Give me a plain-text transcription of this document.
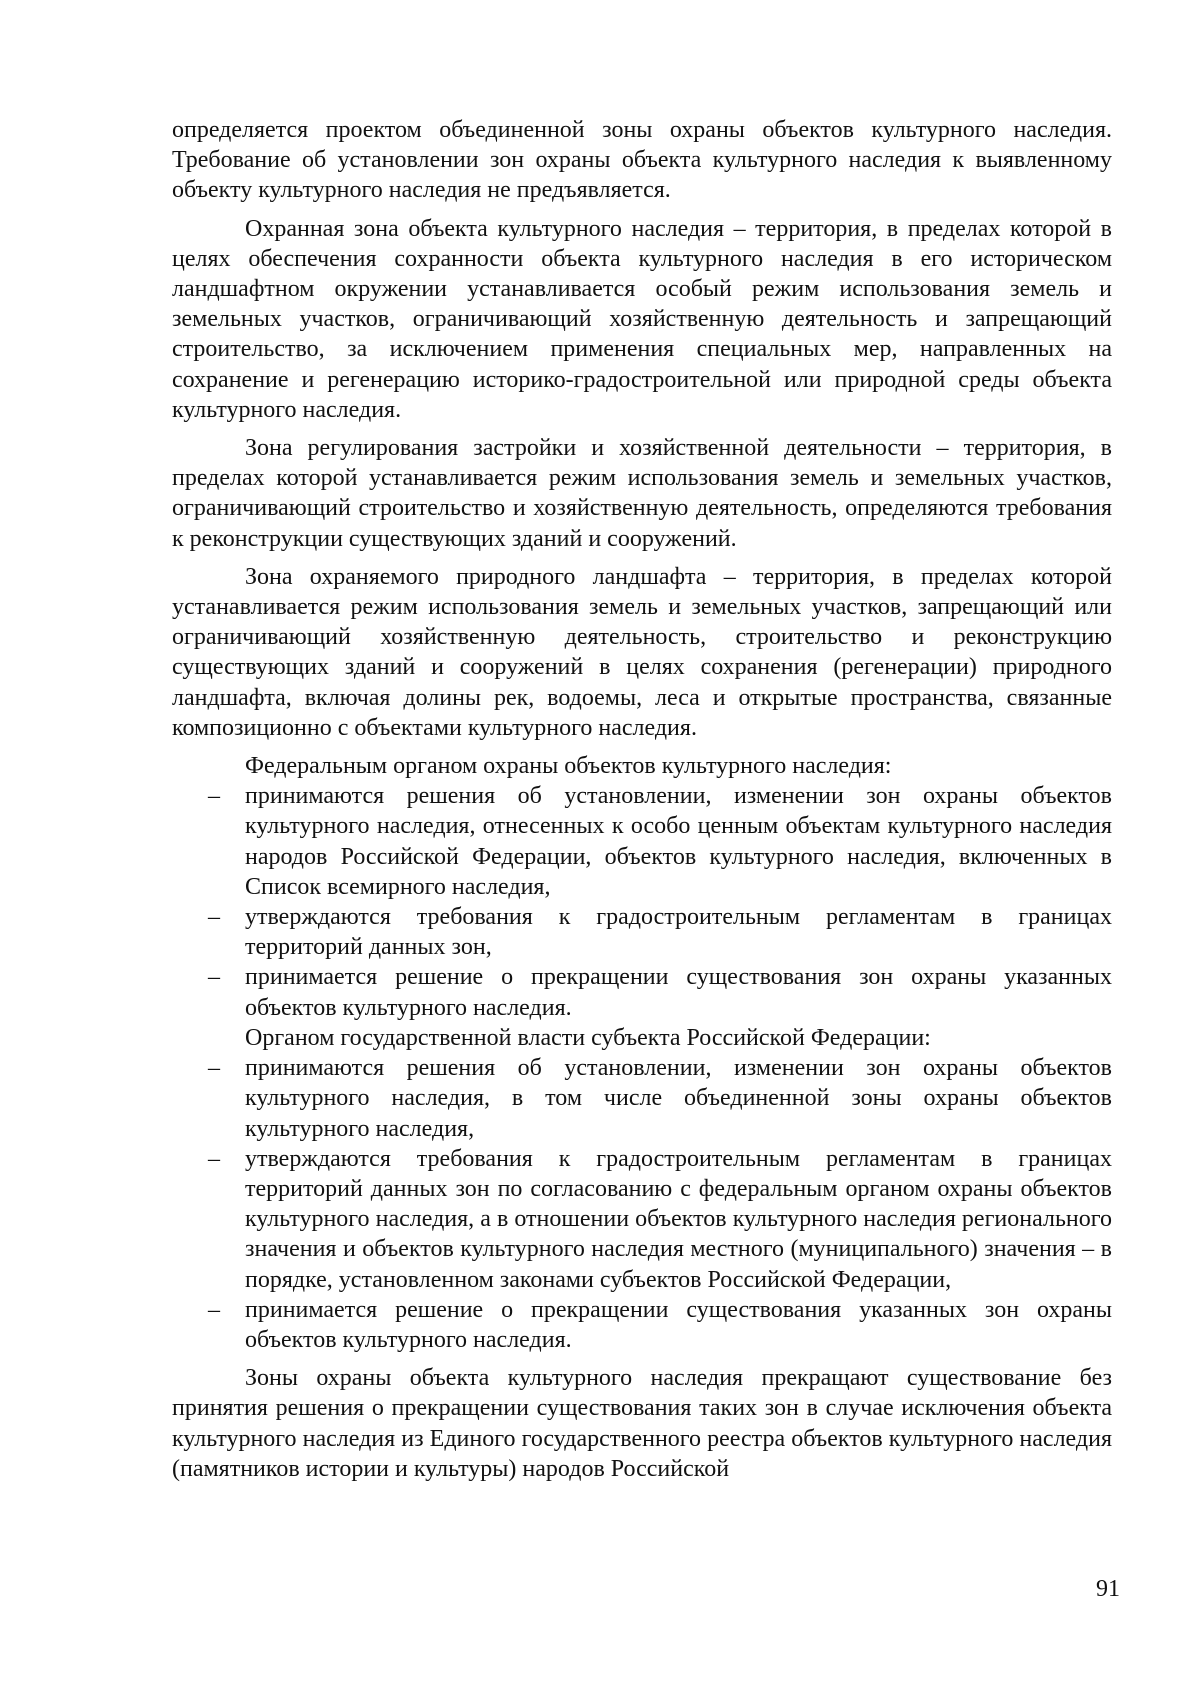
определяется проектом объединенной зоны охраны объектов культурного наследия. Требование об установлении зон охраны объекта культурного наследия к выявленному объекту культурного наследия не предъявляется.

Охранная зона объекта культурного наследия – территория, в пределах которой в целях обеспечения сохранности объекта культурного наследия в его историческом ландшафтном окружении устанавливается особый режим использования земель и земельных участков, ограничивающий хозяйственную деятельность и запрещающий строительство, за исключением применения специальных мер, направленных на сохранение и регенерацию историко-градостроительной или природной среды объекта культурного наследия.

Зона регулирования застройки и хозяйственной деятельности – территория, в пределах которой устанавливается режим использования земель и земельных участков, ограничивающий строительство и хозяйственную деятельность, определяются требования к реконструкции существующих зданий и сооружений.

Зона охраняемого природного ландшафта – территория, в пределах которой устанавливается режим использования земель и земельных участков, запрещающий или ограничивающий хозяйственную деятельность, строительство и реконструкцию существующих зданий и сооружений в целях сохранения (регенерации) природного ландшафта, включая долины рек, водоемы, леса и открытые пространства, связанные композиционно с объектами культурного наследия.

Федеральным органом охраны объектов культурного наследия:

– принимаются решения об установлении, изменении зон охраны объектов культурного наследия, отнесенных к особо ценным объектам культурного наследия народов Российской Федерации, объектов культурного наследия, включенных в Список всемирного наследия,
– утверждаются требования к градостроительным регламентам в границах территорий данных зон,
– принимается решение о прекращении существования зон охраны указанных объектов культурного наследия.

Органом государственной власти субъекта Российской Федерации:

– принимаются решения об установлении, изменении зон охраны объектов культурного наследия, в том числе объединенной зоны охраны объектов культурного наследия,
– утверждаются требования к градостроительным регламентам в границах территорий данных зон по согласованию с федеральным органом охраны объектов культурного наследия, а в отношении объектов культурного наследия регионального значения и объектов культурного наследия местного (муниципального) значения – в порядке, установленном законами субъектов Российской Федерации,
– принимается решение о прекращении существования указанных зон охраны объектов культурного наследия.

Зоны охраны объекта культурного наследия прекращают существование без принятия решения о прекращении существования таких зон в случае исключения объекта культурного наследия из Единого государственного реестра объектов культурного наследия (памятников истории и культуры) народов Российской

91
